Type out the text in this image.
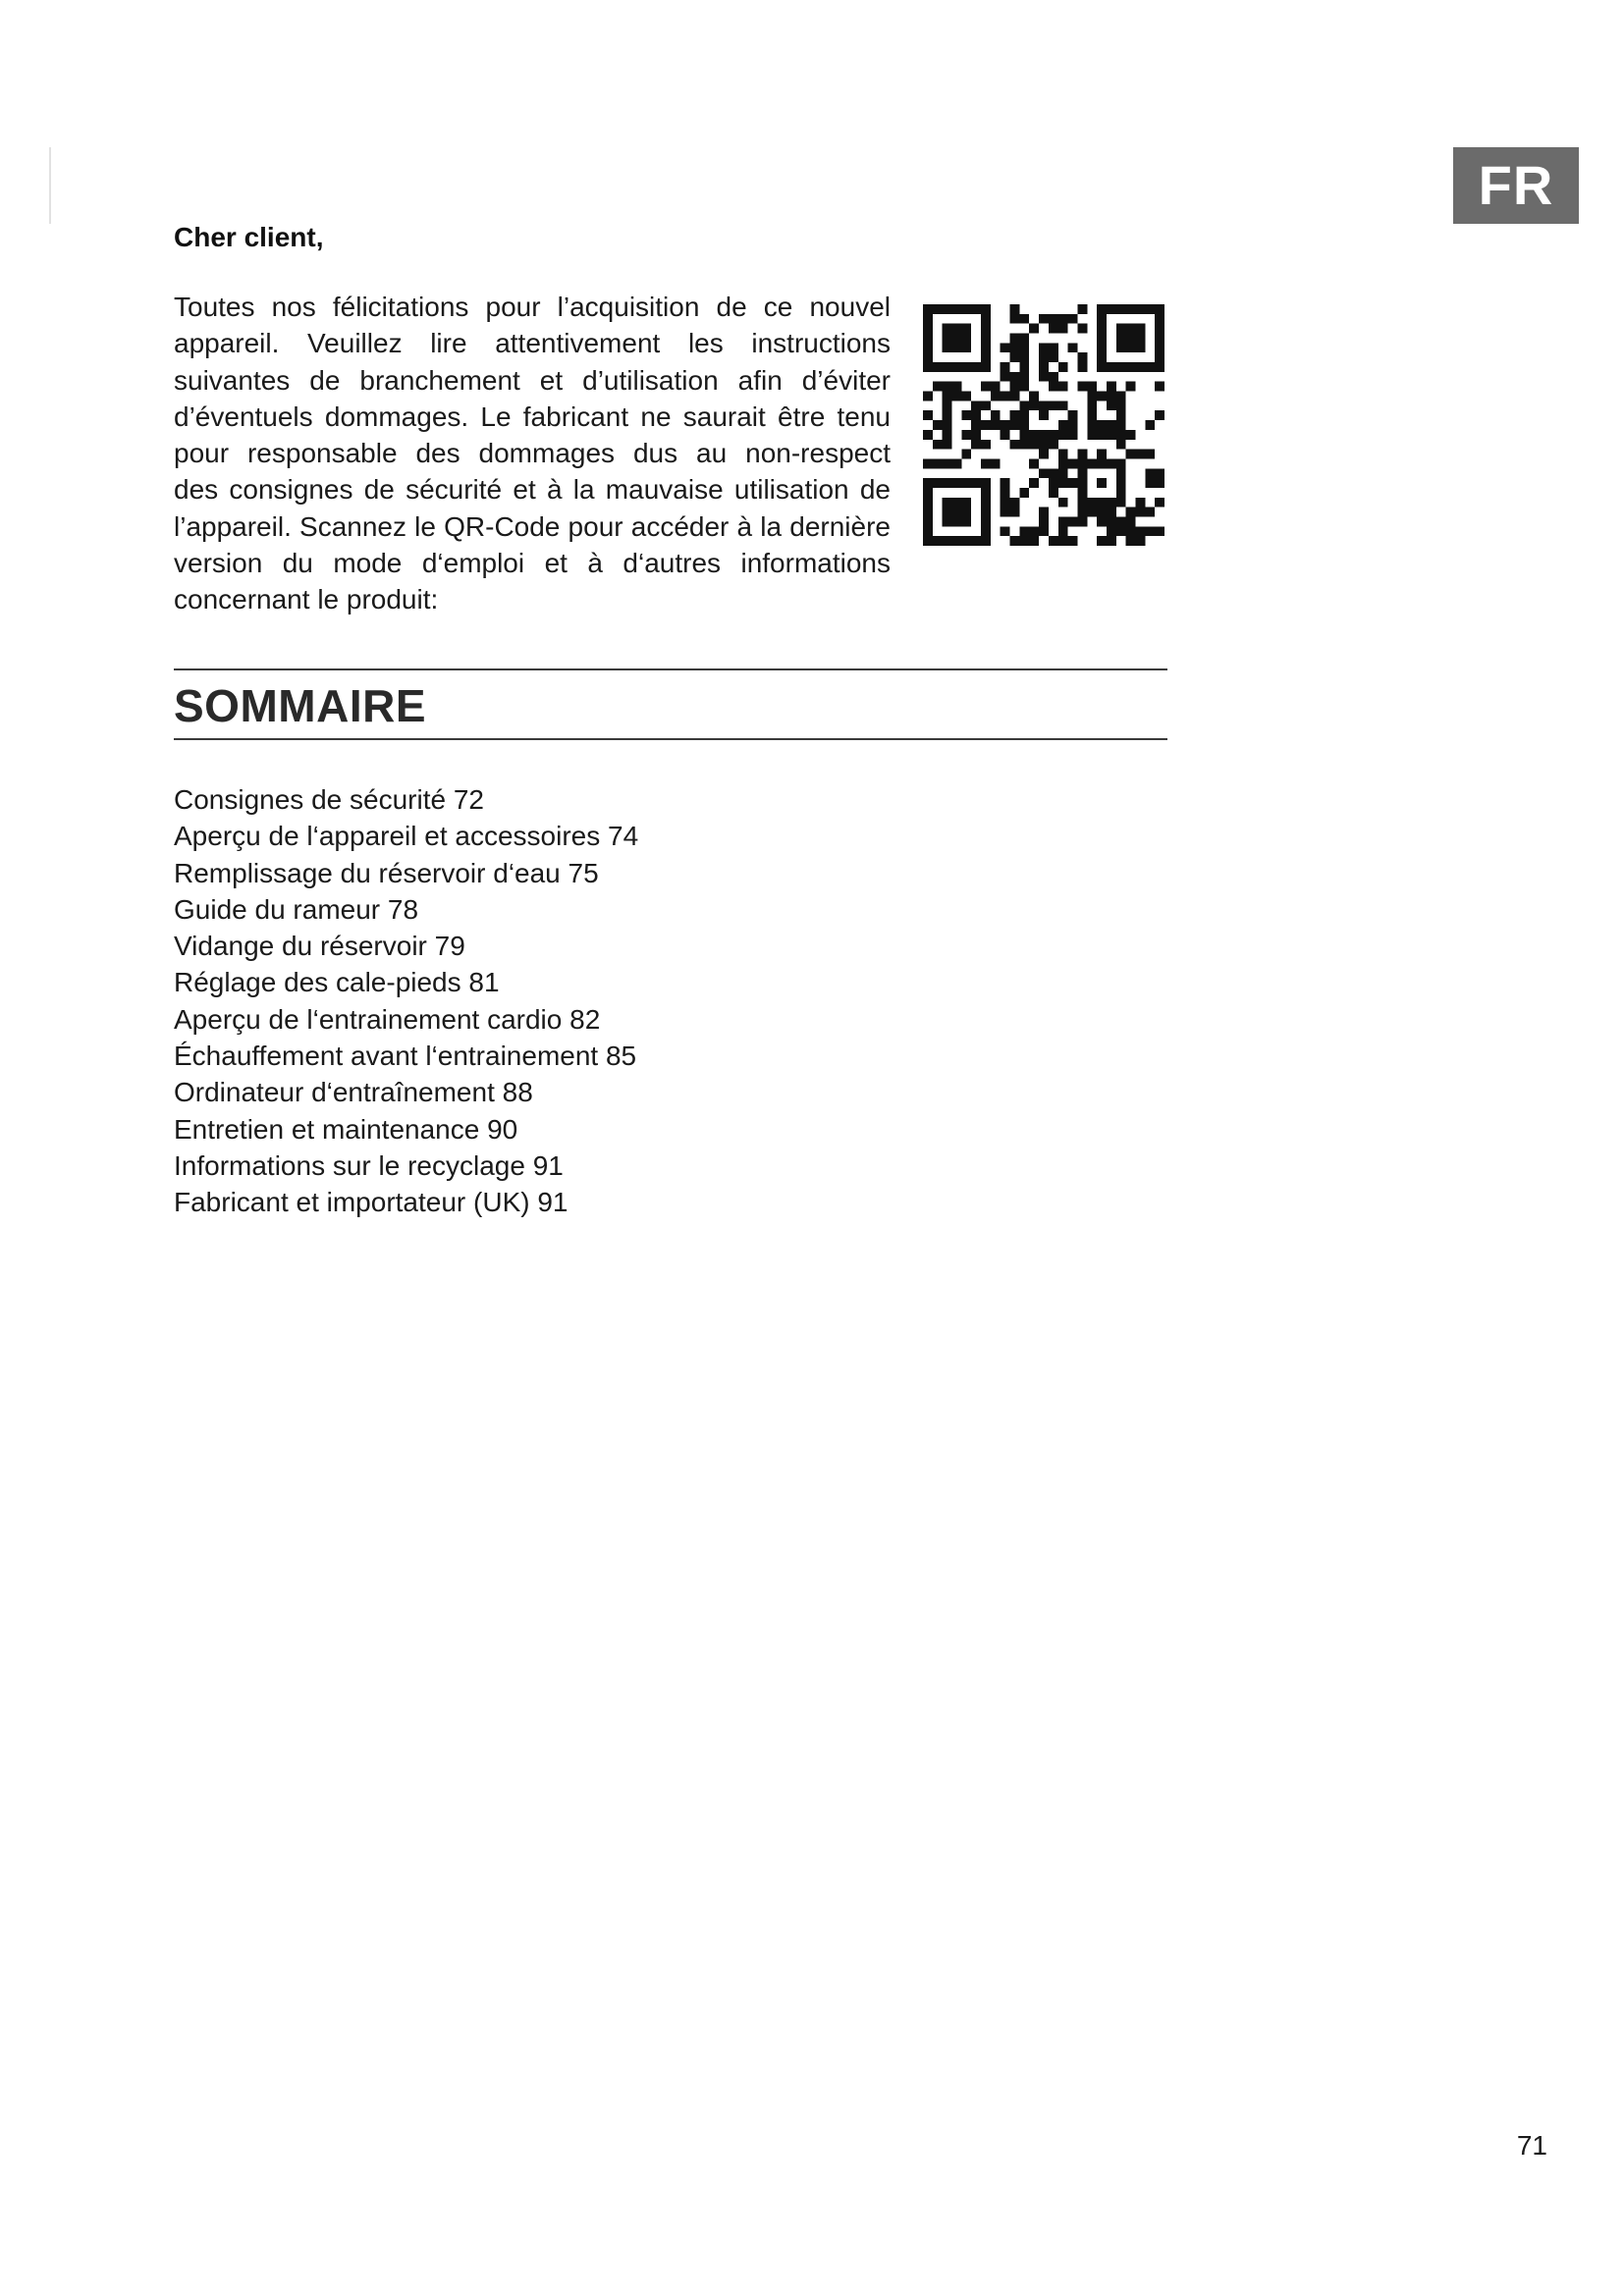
FR
Cher client,
Toutes nos félicitations pour l’acquisition de ce nouvel
appareil. Veuillez lire attentivement les instructions
suivantes de branchement et d’utilisation afin d’éviter
d’éventuels dommages. Le fabricant ne saurait être tenu
pour responsable des dommages dus au non-respect
des consignes de sécurité et à la mauvaise utilisation de
l’appareil. Scannez le QR-Code pour accéder à la dernière
version du mode d‘emploi et à d‘autres informations
concernant le produit:
SOMMAIRE
Consignes de sécurité 72
Aperçu de l‘appareil et accessoires 74
Remplissage du réservoir d‘eau 75
Guide du rameur 78
Vidange du réservoir 79
Réglage des cale-pieds 81
Aperçu de l‘entrainement cardio 82
Échauffement avant l‘entrainement 85
Ordinateur d‘entraînement 88
Entretien et maintenance 90
Informations sur le recyclage 91
Fabricant et importateur (UK) 91
71
